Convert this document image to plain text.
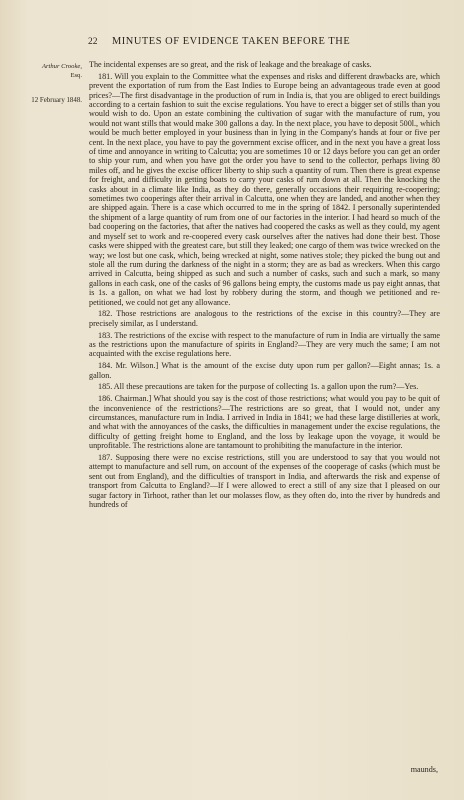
22 MINUTES OF EVIDENCE TAKEN BEFORE THE
Arthur Crooke,
Esq.
12 February 1848.

The incidental expenses are so great, and the risk of leakage and the breakage of casks.

181. Will you explain to the Committee what the expenses and risks and different drawbacks are, which prevent the exportation of rum from the East Indies to Europe being an advantageous trade even at good prices?—The first disadvantage in the production of rum in India is, that you are obliged to erect buildings according to a certain fashion to suit the excise regulations. You have to erect a bigger set of stills than you would wish to do. Upon an estate combining the cultivation of sugar with the manufacture of rum, you would not want stills that would make 300 gallons a day. In the next place, you have to deposit 500l., which would be much better employed in your business than in lying in the Company's hands at four or five per cent. In the next place, you have to pay the government excise officer, and in the next you have a great loss of time and annoyance in writing to Calcutta; you are sometimes 10 or 12 days before you can get an order to ship your rum, and when you have got the order you have to send to the collector, perhaps living 80 miles off, and he gives the excise officer liberty to ship such a quantity of rum. Then there is great expense for freight, and difficulty in getting boats to carry your casks of rum down at all. Then the knocking the casks about in a climate like India, as they do there, generally occasions their requiring re-coopering; sometimes two cooperings after their arrival in Calcutta, one when they are landed, and another when they are shipped again. There is a case which occurred to me in the spring of 1842. I personally superintended the shipment of a large quantity of rum from one of our factories in the interior. I had heard so much of the bad coopering on the factories, that after the natives had coopered the casks as well as they could, my agent and myself set to work and re-coopered every cask ourselves after the natives had done their best. Those casks were shipped with the greatest care, but still they leaked; one cargo of them was twice wrecked on the way; we lost but one cask, which, being wrecked at night, some natives stole; they picked the bung out and stole all the rum during the darkness of the night in a storm; they are as bad as wreckers. When this cargo arrived in Calcutta, being shipped as such and such a number of casks, such and such a mark, so many gallons in each cask, one of the casks of 96 gallons being empty, the customs made us pay eight annas, that is 1s. a gallon, on what we had lost by robbery during the storm, and though we petitioned and re-petitioned, we could not get any allowance.

182. Those restrictions are analogous to the restrictions of the excise in this country?—They are precisely similar, as I understand.

183. The restrictions of the excise with respect to the manufacture of rum in India are virtually the same as the restrictions upon the manufacture of spirits in England?—They are very much the same; I am not acquainted with the excise regulations here.

184. Mr. Wilson.] What is the amount of the excise duty upon rum per gallon?—Eight annas; 1s. a gallon.

185. All these precautions are taken for the purpose of collecting 1s. a gallon upon the rum?—Yes.

186. Chairman.] What should you say is the cost of those restrictions; what would you pay to be quit of the inconvenience of the restrictions?—The restrictions are so great, that I would not, under any circumstances, manufacture rum in India. I arrived in India in 1841; we had these large distilleries at work, and what with the annoyances of the casks, the difficulties in management under the excise regulations, the difficulty of getting freight home to England, and the loss by leakage upon the voyage, it would be unprofitable. The restrictions alone are tantamount to prohibiting the manufacture in the interior.

187. Supposing there were no excise restrictions, still you are understood to say that you would not attempt to manufacture and sell rum, on account of the expenses of the cooperage of casks (which must be sent out from England), and the difficulties of transport in India, and afterwards the risk and expense of transport from Calcutta to England?—If I were allowed to erect a still of any size that I pleased on our sugar factory in Tirhoot, rather than let our molasses flow, as they often do, into the river by hundreds and hundreds of

maunds,
